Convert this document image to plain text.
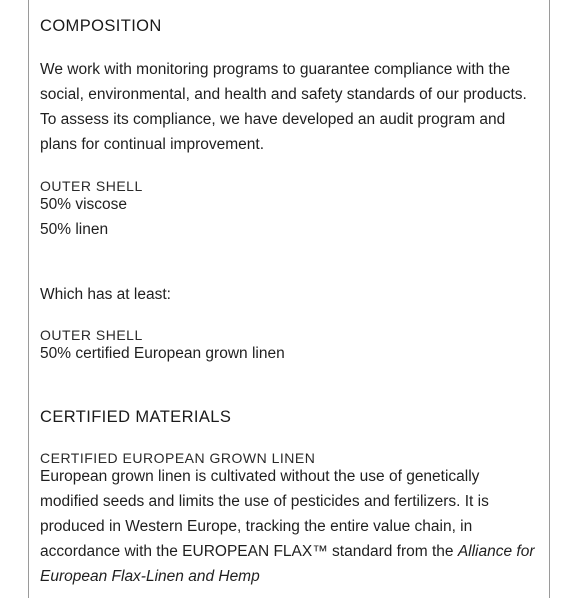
COMPOSITION

We work with monitoring programs to guarantee compliance with the social, environmental, and health and safety standards of our products. To assess its compliance, we have developed an audit program and plans for continual improvement.

OUTER SHELL
50% viscose
50% linen
Which has at least:
OUTER SHELL
50% certified European grown linen
CERTIFIED MATERIALS
CERTIFIED EUROPEAN GROWN LINEN

European grown linen is cultivated without the use of genetically modified seeds and limits the use of pesticides and fertilizers. It is produced in Western Europe, tracking the entire value chain, in accordance with the EUROPEAN FLAX™ standard from the Alliance for European Flax-Linen and Hemp
